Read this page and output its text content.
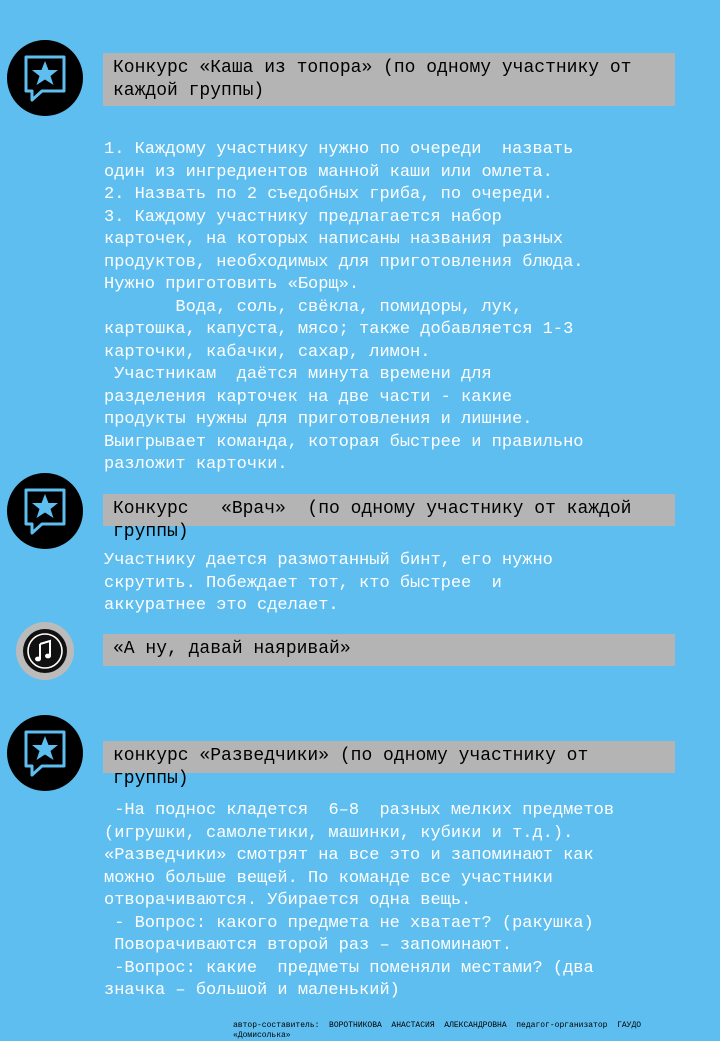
Конкурс «Каша из топора» (по одному участнику от
каждой группы)

1. Каждому участнику нужно по очереди  назвать
один из ингредиентов манной каши или омлета.
2. Назвать по 2 съедобных гриба, по очереди.
3. Каждому участнику предлагается набор
карточек, на которых написаны названия разных
продуктов, необходимых для приготовления блюда.
Нужно приготовить «Борщ».
Вода, соль, свёкла, помидоры, лук,
картошка, капуста, мясо; также добавляется 1-3
карточки, кабачки, сахар, лимон.
Участникам  даётся минута времени для
разделения карточек на две части - какие
продукты нужны для приготовления и лишние.
Выигрывает команда, которая быстрее и правильно
разложит карточки.

Конкурс   «Врач»  (по одному участнику от каждой
группы)

Участнику дается размотанный бинт, его нужно
скрутить. Побеждает тот, кто быстрее  и
аккуратнее это сделает.

«А ну, давай наяривай»
конкурс «Разведчики» (по одному участнику от
группы)

-На поднос кладется  6–8  разных мелких предметов
(игрушки, самолетики, машинки, кубики и т.д.).
«Разведчики» смотрят на все это и запоминают как
можно больше вещей. По команде все участники
отворачиваются. Убирается одна вещь.
- Вопрос: какого предмета не хватает? (ракушка)
Поворачиваются второй раз – запоминают.
-Вопрос: какие  предметы поменяли местами? (два
значка – большой и маленький)

автор-составитель:  ВОРОТНИКОВА  АНАСТАСИЯ  АЛЕКСАНДРОВНА  педагог-организатор  ГАУДО
«Домисолька»
